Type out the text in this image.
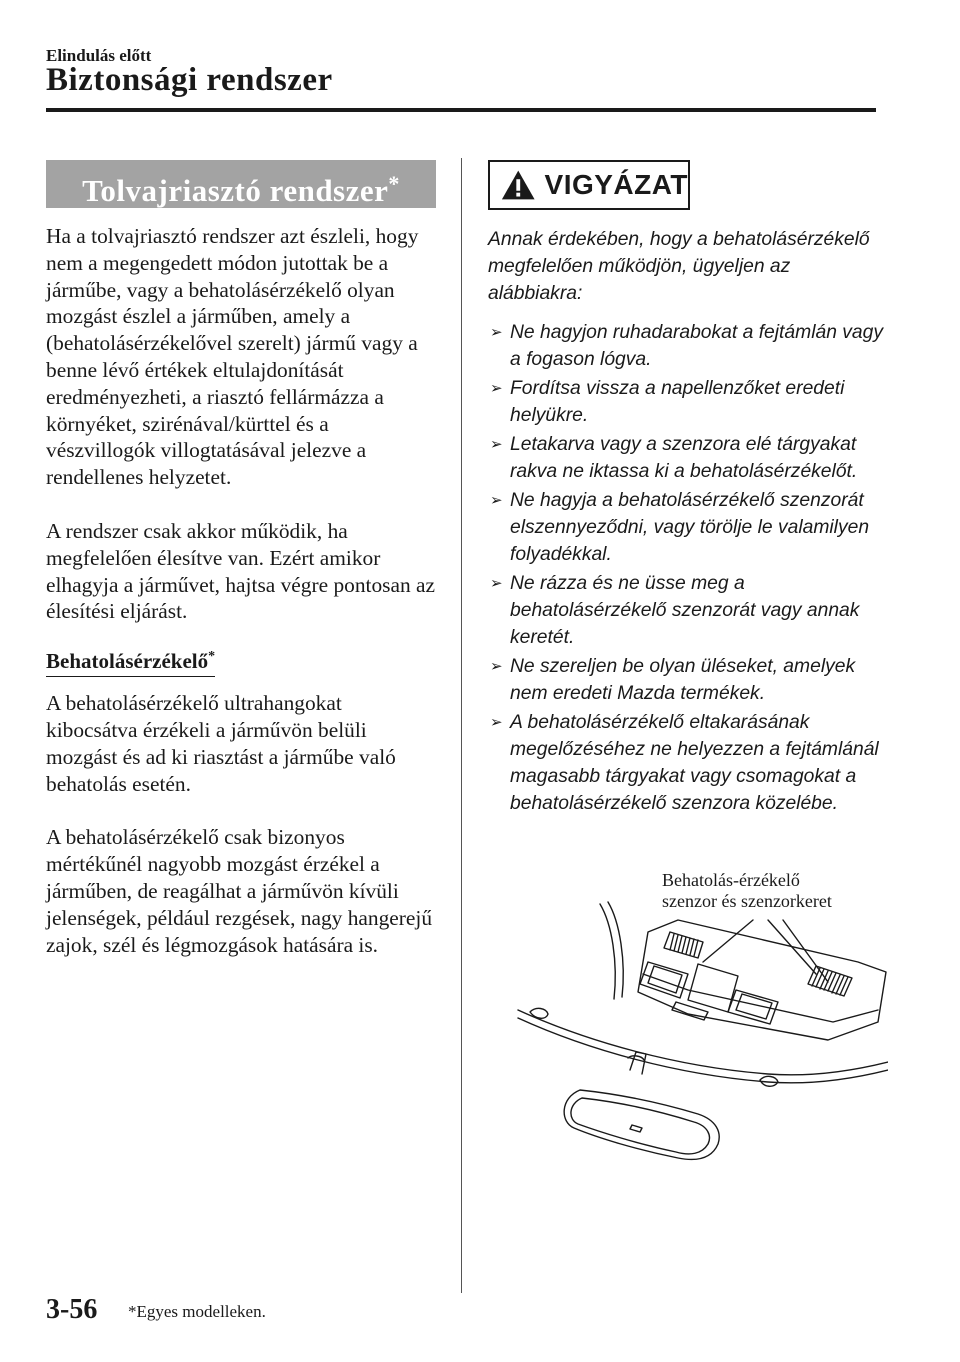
Elindulás előtt
Biztonsági rendszer
Tolvajriasztó rendszer*

Ha a tolvajriasztó rendszer azt észleli, hogy nem a megengedett módon jutottak be a járműbe, vagy a behatolásérzékelő olyan mozgást észlel a járműben, amely a (behatolásérzékelővel szerelt) jármű vagy a benne lévő értékek eltulajdonítását eredményezheti, a riasztó fellármázza a környéket, szirénával/kürttel és a vészvillogók villogtatásával jelezve a rendellenes helyzetet.

A rendszer csak akkor működik, ha megfelelően élesítve van. Ezért amikor elhagyja a járművet, hajtsa végre pontosan az élesítési eljárást.

Behatolásérzékelő*

A behatolásérzékelő ultrahangokat kibocsátva érzékeli a járművön belüli mozgást és ad ki riasztást a járműbe való behatolás esetén.

A behatolásérzékelő csak bizonyos mértékűnél nagyobb mozgást érzékel a járműben, de reagálhat a járművön kívüli jelenségek, például rezgések, nagy hangerejű zajok, szél és légmozgások hatására is.

VIGYÁZAT
Annak érdekében, hogy a behatolásérzékelő megfelelően működjön, ügyeljen az alábbiakra:
➢ Ne hagyjon ruhadarabokat a fejtámlán vagy a fogason lógva.
➢ Fordítsa vissza a napellenzőket eredeti helyükre.
➢ Letakarva vagy a szenzora elé tárgyakat rakva ne iktassa ki a behatolásérzékelőt.
➢ Ne hagyja a behatolásérzékelő szenzorát elszennyeződni, vagy törölje le valamilyen folyadékkal.
➢ Ne rázza és ne üsse meg a behatolásérzékelő szenzorát vagy annak keretét.
➢ Ne szereljen be olyan üléseket, amelyek nem eredeti Mazda termékek.
➢ A behatolásérzékelő eltakarásának megelőzéséhez ne helyezzen a fejtámlánál magasabb tárgyakat vagy csomagokat a behatolásérzékelő szenzora közelébe.
Behatolás-érzékelő
szenzor és szenzorkeret
3-56 *Egyes modelleken.
